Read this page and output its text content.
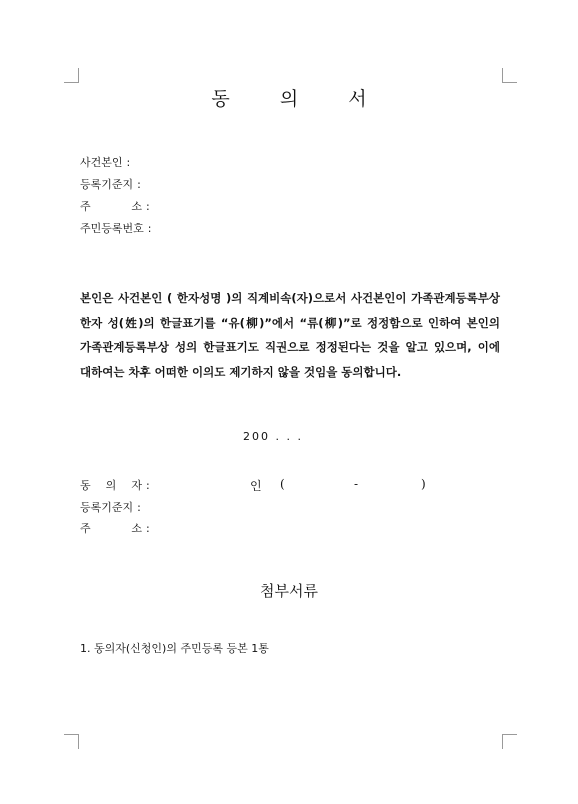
동 의 서
사건본인 :
등록기준지 :
주 소 :
주민등록번호 :
본인은 사건본인 ( 한자성명 )의 직계비속(자)으로서 사건본인이 가족관계등록부상 한자 성(姓)의 한글표기를 “유(柳)”에서 “류(柳)”로 정정함으로 인하여 본인의 가족관계등록부상 성의 한글표기도 직권으로 정정된다는 것을 알고 있으며, 이에 대하여는 차후 어떠한 이의도 제기하지 않을 것임을 동의합니다.
200 . . .
동 의 자 :	인 (	-	)
등록기준지 :
주 소 :
첨부서류
1. 동의자(신청인)의 주민등록 등본 1통
